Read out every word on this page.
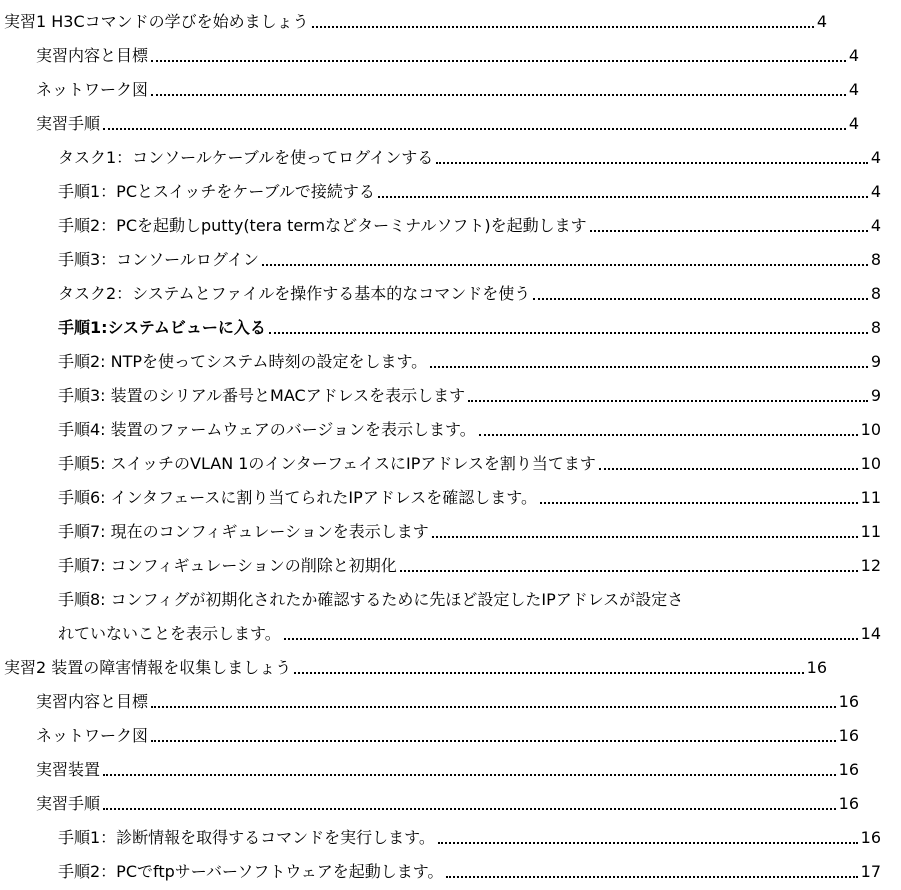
実習1 H3Cコマンドの学びを始めましょう	4
実習内容と目標	4
ネットワーク図	4
実習手順	4
タスク1：コンソールケーブルを使ってログインする	4
手順1：PCとスイッチをケーブルで接続する	4
手順2：PCを起動しputty(tera termなどターミナルソフト)を起動します	4
手順3：コンソールログイン	8
タスク2：システムとファイルを操作する基本的なコマンドを使う	8
手順1:システムビューに入る	8
手順2: NTPを使ってシステム時刻の設定をします。	9
手順3: 装置のシリアル番号とMACアドレスを表示します	9
手順4: 装置のファームウェアのバージョンを表示します。	10
手順5: スイッチのVLAN 1のインターフェイスにIPアドレスを割り当てます	10
手順6: インタフェースに割り当てられたIPアドレスを確認します。	11
手順7: 現在のコンフィギュレーションを表示します	11
手順7: コンフィギュレーションの削除と初期化	12
手順8: コンフィグが初期化されたか確認するために先ほど設定したIPアドレスが設定さ
れていないことを表示します。	14
実習2 装置の障害情報を収集しましょう	16
実習内容と目標	16
ネットワーク図	16
実習装置	16
実習手順	16
手順1：診断情報を取得するコマンドを実行します。	16
手順2：PCでftpサーバーソフトウェアを起動します。	17
